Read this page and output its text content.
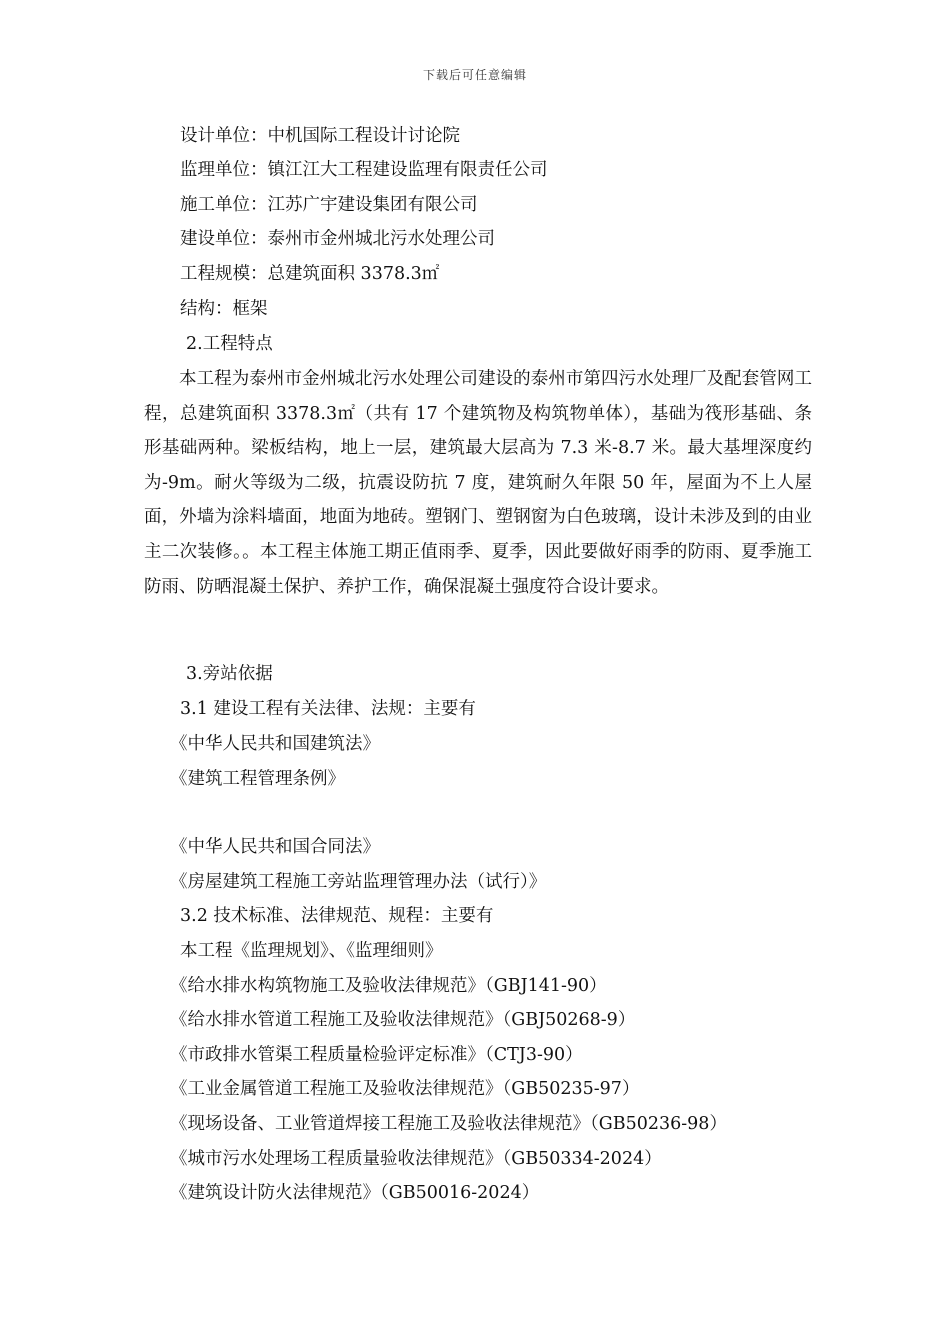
下载后可任意编辑
设计单位：中机国际工程设计讨论院
监理单位：镇江江大工程建设监理有限责任公司
施工单位：江苏广宇建设集团有限公司
建设单位：泰州市金州城北污水处理公司
工程规模：总建筑面积 3378.3㎡
结构：框架
2.工程特点
本工程为泰州市金州城北污水处理公司建设的泰州市第四污水处理厂及配套管网工程，总建筑面积 3378.3㎡（共有 17 个建筑物及构筑物单体），基础为筏形基础、条形基础两种。梁板结构，地上一层，建筑最大层高为 7.3 米-8.7 米。最大基埋深度约为-9m。耐火等级为二级，抗震设防抗 7 度，建筑耐久年限 50 年，屋面为不上人屋面，外墙为涂料墙面，地面为地砖。塑钢门、塑钢窗为白色玻璃，设计未涉及到的由业主二次装修。。本工程主体施工期正值雨季、夏季，因此要做好雨季的防雨、夏季施工防雨、防晒混凝土保护、养护工作，确保混凝土强度符合设计要求。
3.旁站依据
3.1 建设工程有关法律、法规：主要有
《中华人民共和国建筑法》
《建筑工程管理条例》
《中华人民共和国合同法》
《房屋建筑工程施工旁站监理管理办法（试行）》
3.2 技术标准、法律规范、规程：主要有
本工程《监理规划》、《监理细则》
《给水排水构筑物施工及验收法律规范》（GBJ141-90）
《给水排水管道工程施工及验收法律规范》（GBJ50268-9）
《市政排水管渠工程质量检验评定标准》（CTJ3-90）
《工业金属管道工程施工及验收法律规范》（GB50235-97）
《现场设备、工业管道焊接工程施工及验收法律规范》（GB50236-98）
《城市污水处理场工程质量验收法律规范》（GB50334-2024）
《建筑设计防火法律规范》（GB50016-2024）
